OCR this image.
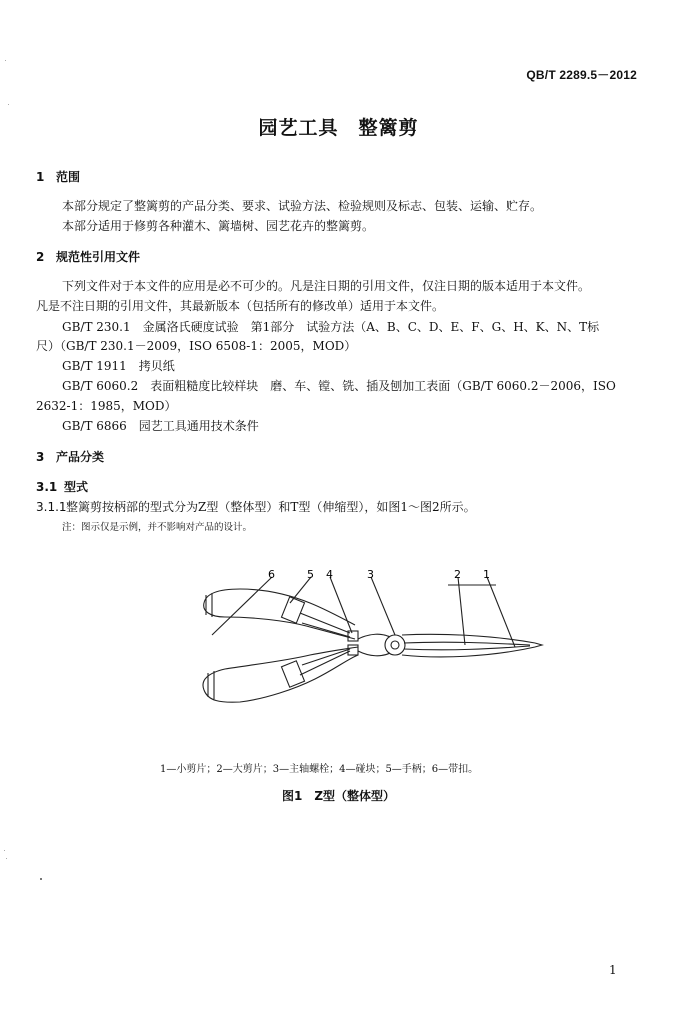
QB/T 2289.5－2012
园艺工具　整篱剪
1 范围
本部分规定了整篱剪的产品分类、要求、试验方法、检验规则及标志、包装、运输、贮存。
本部分适用于修剪各种灌木、篱墙树、园艺花卉的整篱剪。
2 规范性引用文件
下列文件对于本文件的应用是必不可少的。凡是注日期的引用文件，仅注日期的版本适用于本文件。
凡是不注日期的引用文件，其最新版本（包括所有的修改单）适用于本文件。
GB/T 230.1　金属洛氏硬度试验　第1部分　试验方法（A、B、C、D、E、F、G、H、K、N、T标
尺）（GB/T 230.1－2009，ISO 6508-1：2005，MOD）
GB/T 1911　拷贝纸
GB/T 6060.2　表面粗糙度比较样块　磨、车、镗、铣、插及刨加工表面（GB/T 6060.2－2006，ISO
2632-1：1985，MOD）
GB/T 6866　园艺工具通用技术条件
3 产品分类
3.1 型式
3.1.1整篱剪按柄部的型式分为Z型（整体型）和T型（伸缩型），如图1～图2所示。
注：图示仅是示例，并不影响对产品的设计。
6	5 4	3	2 1
1—小剪片；2—大剪片；3—主轴螺栓；4—碰块；5—手柄；6—带扣。
图1　Z型（整体型）
1
